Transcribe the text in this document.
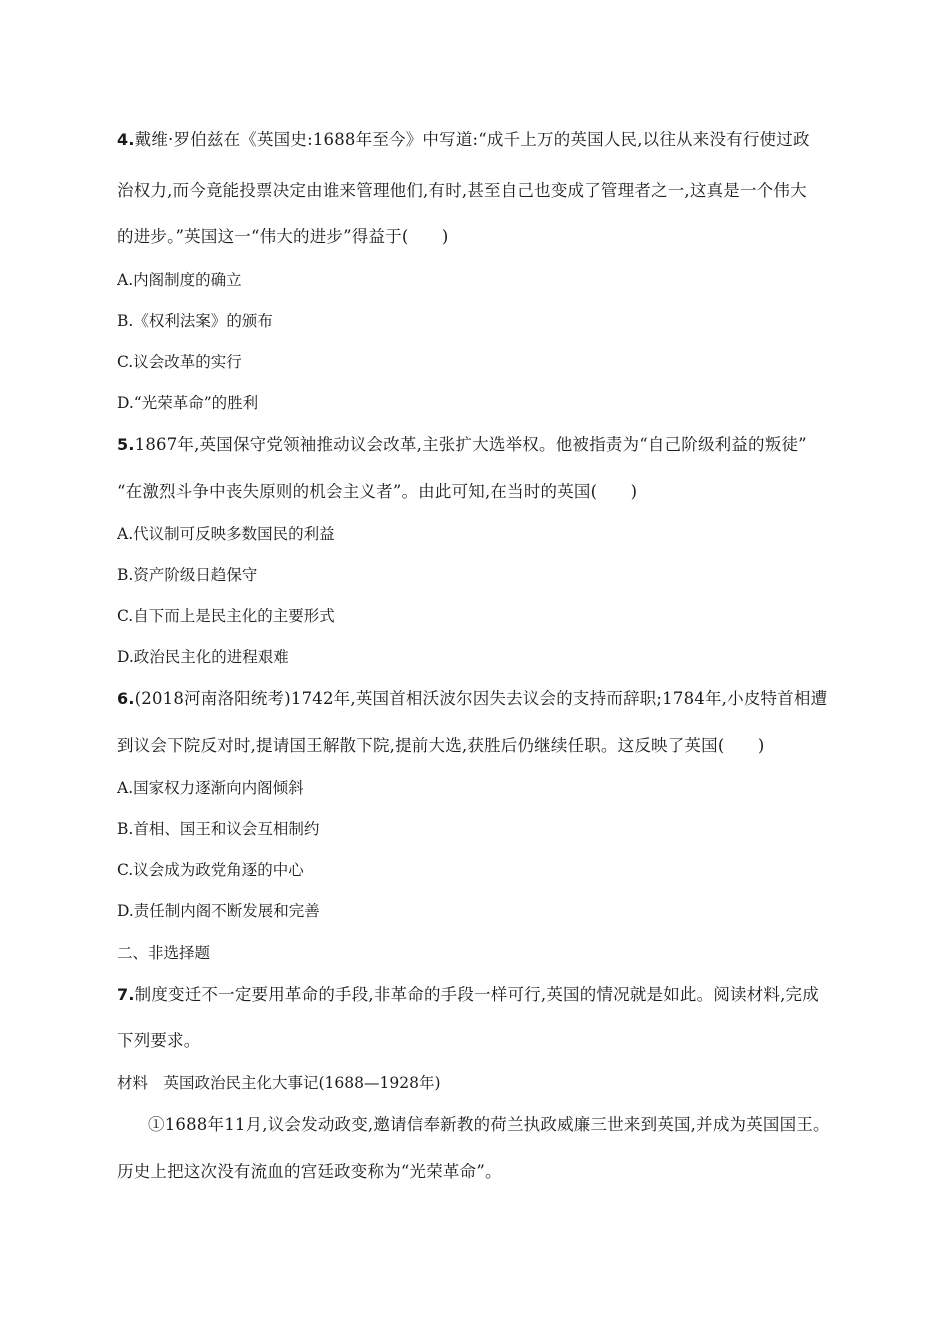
4.戴维·罗伯兹在《英国史:1688年至今》中写道:“成千上万的英国人民,以往从来没有行使过政
治权力,而今竟能投票决定由谁来管理他们,有时,甚至自己也变成了管理者之一,这真是一个伟大
的进步。”英国这一“伟大的进步”得益于(　　)
A.内阁制度的确立
B.《权利法案》的颁布
C.议会改革的实行
D.“光荣革命”的胜利
5.1867年,英国保守党领袖推动议会改革,主张扩大选举权。他被指责为“自己阶级利益的叛徒”
“在激烈斗争中丧失原则的机会主义者”。由此可知,在当时的英国(　　)
A.代议制可反映多数国民的利益
B.资产阶级日趋保守
C.自下而上是民主化的主要形式
D.政治民主化的进程艰难
6.(2018河南洛阳统考)1742年,英国首相沃波尔因失去议会的支持而辞职;1784年,小皮特首相遭
到议会下院反对时,提请国王解散下院,提前大选,获胜后仍继续任职。这反映了英国(　　)
A.国家权力逐渐向内阁倾斜
B.首相、国王和议会互相制约
C.议会成为政党角逐的中心
D.责任制内阁不断发展和完善
二、非选择题
7.制度变迁不一定要用革命的手段,非革命的手段一样可行,英国的情况就是如此。阅读材料,完成
下列要求。
材料　英国政治民主化大事记(1688—1928年)
①1688年11月,议会发动政变,邀请信奉新教的荷兰执政威廉三世来到英国,并成为英国国王。
历史上把这次没有流血的宫廷政变称为“光荣革命”。
